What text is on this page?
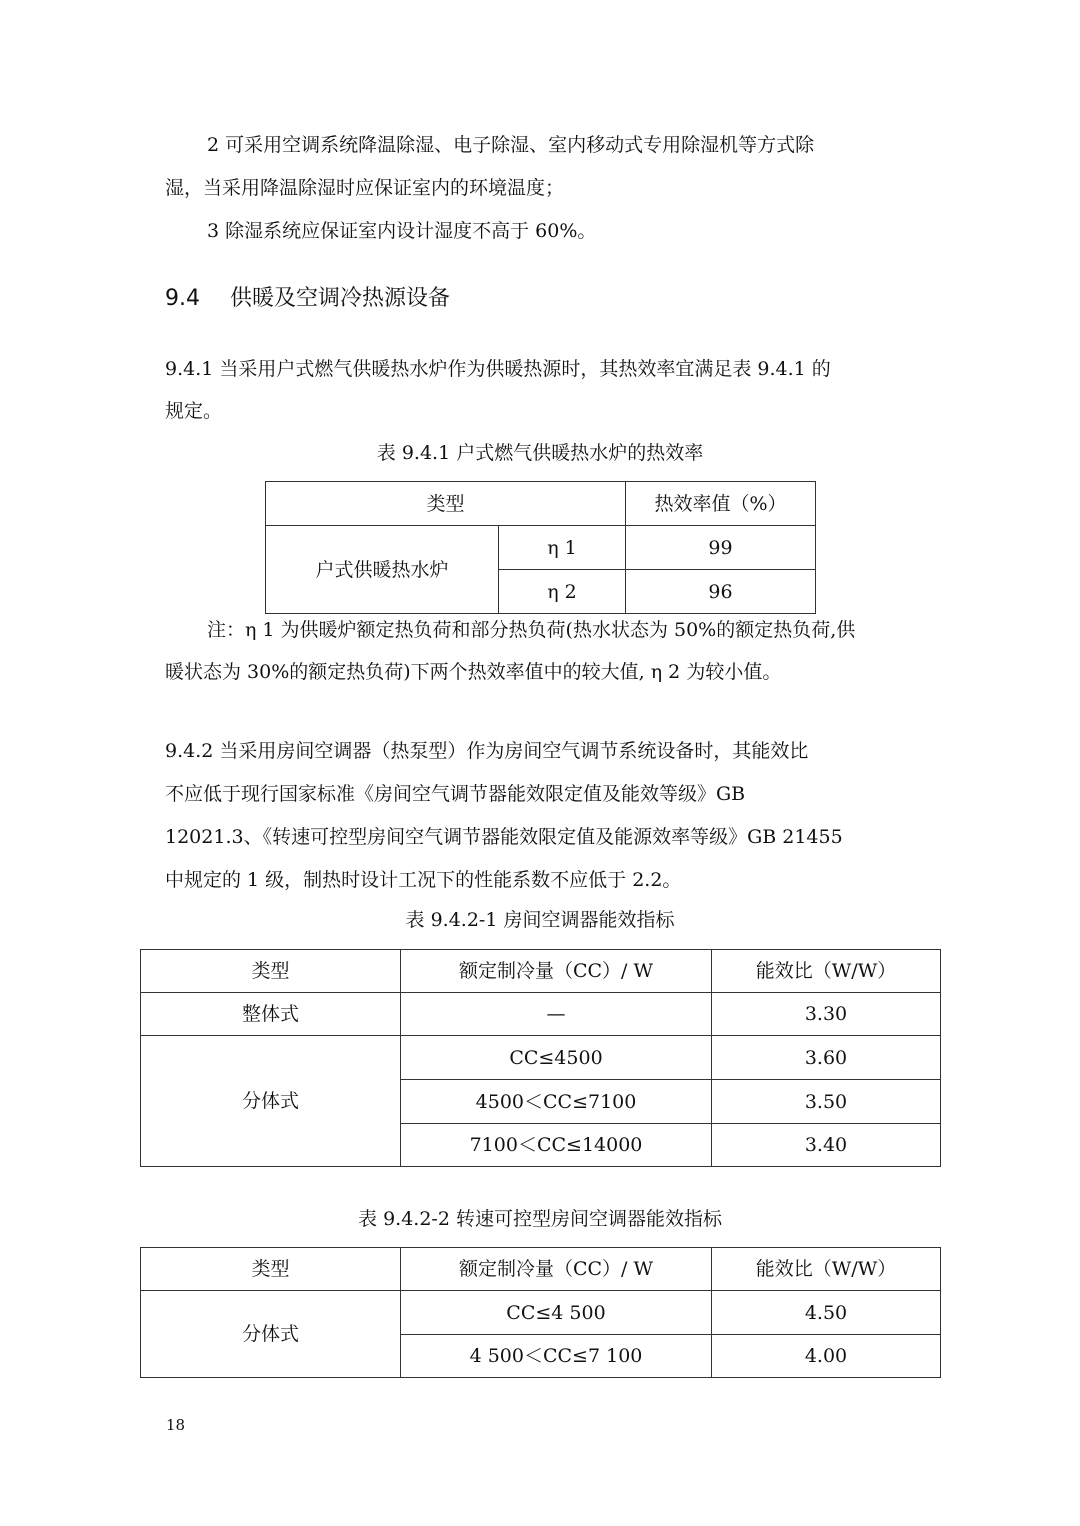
2 可采用空调系统降温除湿、电子除湿、室内移动式专用除湿机等方式除
湿，当采用降温除湿时应保证室内的环境温度；
3 除湿系统应保证室内设计湿度不高于 60%。
9.4 供暖及空调冷热源设备
9.4.1 当采用户式燃气供暖热水炉作为供暖热源时，其热效率宜满足表 9.4.1 的
规定。
表 9.4.1 户式燃气供暖热水炉的热效率
类型		热效率值（%）
户式供暖热水炉	η 1	99
	η 2	96
注：η 1 为供暖炉额定热负荷和部分热负荷(热水状态为 50%的额定热负荷,供
暖状态为 30%的额定热负荷)下两个热效率值中的较大值, η 2 为较小值。
9.4.2 当采用房间空调器（热泵型）作为房间空气调节系统设备时，其能效比
不应低于现行国家标准《房间空气调节器能效限定值及能效等级》GB
12021.3、《转速可控型房间空气调节器能效限定值及能源效率等级》GB 21455
中规定的 1 级，制热时设计工况下的性能系数不应低于 2.2。
表 9.4.2-1 房间空调器能效指标
类型	额定制冷量（CC）/ W	能效比（W/W）
整体式	—	3.30
分体式	CC≤4500	3.60
	4500＜CC≤7100	3.50
	7100＜CC≤14000	3.40
表 9.4.2-2 转速可控型房间空调器能效指标
类型	额定制冷量（CC）/ W	能效比（W/W）
分体式	CC≤4 500	4.50
	4 500＜CC≤7 100	4.00
18
